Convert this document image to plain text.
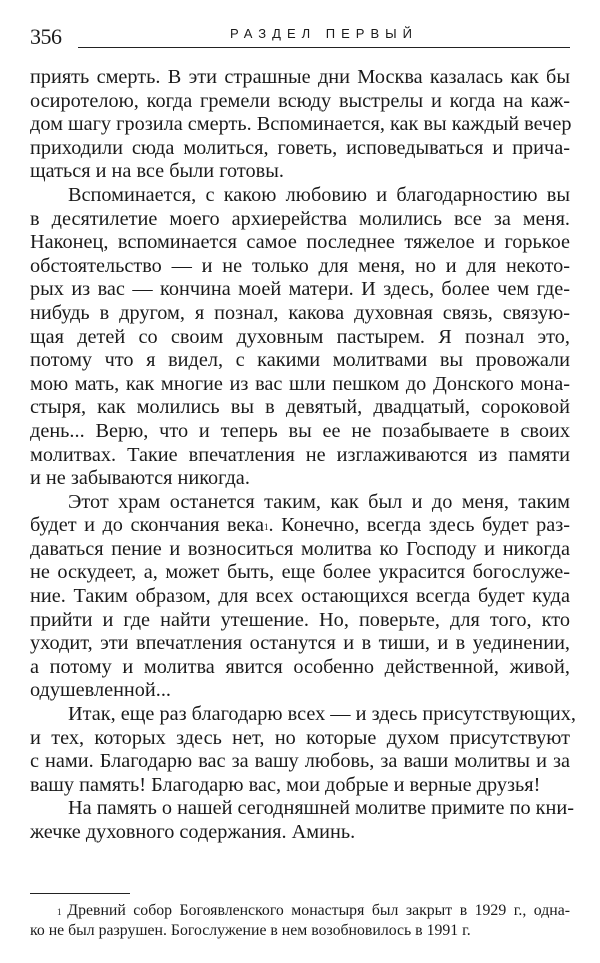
356	РАЗДЕЛ ПЕРВЫЙ
приять смерть. В эти страшные дни Москва казалась как бы
осиротелою, когда гремели всюду выстрелы и когда на каж-
дом шагу грозила смерть. Вспоминается, как вы каждый вечер
приходили сюда молиться, говеть, исповедываться и прича-
щаться и на все были готовы.
Вспоминается, с какою любовию и благодарностию вы
в десятилетие моего архиерейства молились все за меня.
Наконец, вспоминается самое последнее тяжелое и горькое
обстоятельство — и не только для меня, но и для некото-
рых из вас — кончина моей матери. И здесь, более чем где-
нибудь в другом, я познал, какова духовная связь, связую-
щая детей со своим духовным пастырем. Я познал это,
потому что я видел, с какими молитвами вы провожали
мою мать, как многие из вас шли пешком до Донского мона-
стыря, как молились вы в девятый, двадцатый, сороковой
день... Верю, что и теперь вы ее не позабываете в своих
молитвах. Такие впечатления не изглаживаются из памяти
и не забываются никогда.
Этот храм останется таким, как был и до меня, таким
будет и до скончания века$^1$. Конечно, всегда здесь будет раз-
даваться пение и возноситься молитва ко Господу и никогда
не оскудеет, а, может быть, еще более украсится богослуже-
ние. Таким образом, для всех остающихся всегда будет куда
прийти и где найти утешение. Но, поверьте, для того, кто
уходит, эти впечатления останутся и в тиши, и в уединении,
а потому и молитва явится особенно действенной, живой,
одушевленной...
Итак, еще раз благодарю всех — и здесь присутствующих,
и тех, которых здесь нет, но которые духом присутствуют
с нами. Благодарю вас за вашу любовь, за ваши молитвы и за
вашу память! Благодарю вас, мои добрые и верные друзья!
На память о нашей сегодняшней молитве примите по кни-
жечке духовного содержания. Аминь.
$^1$ Древний собор Богоявленского монастыря был закрыт в 1929 г., однa-
ко не был разрушен. Богослужение в нем возобновилось в 1991 г.
